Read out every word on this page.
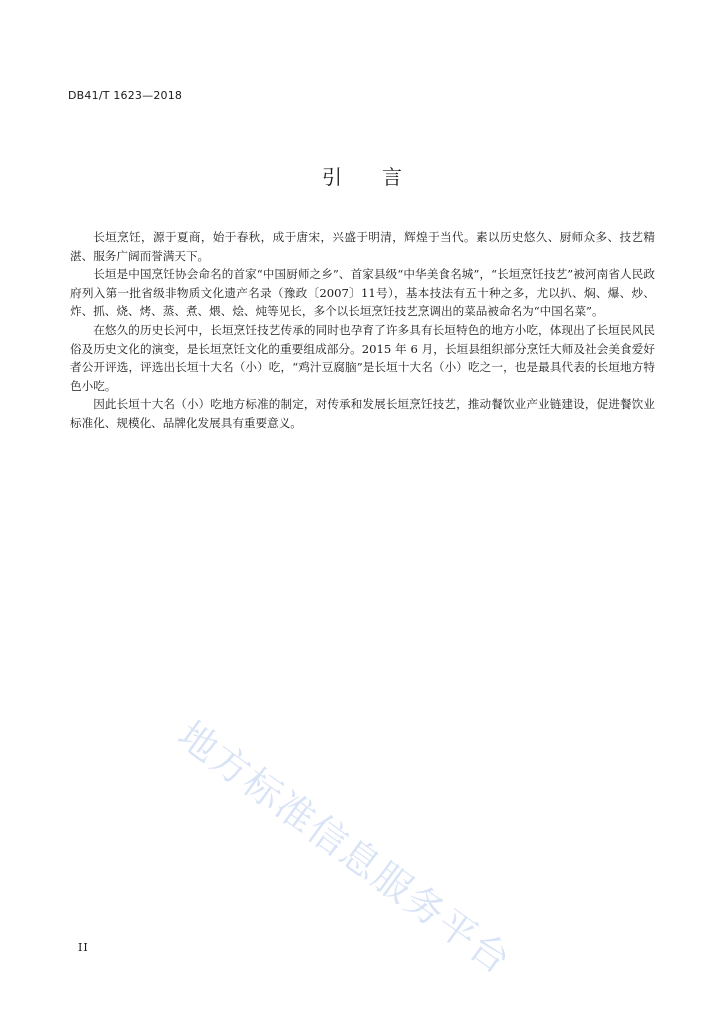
DB41/T 1623—2018
引 言

长垣烹饪，源于夏商，始于春秋，成于唐宋，兴盛于明清，辉煌于当代。素以历史悠久、厨师众多、技艺精湛、服务广阔而誉满天下。

长垣是中国烹饪协会命名的首家“中国厨师之乡”、首家县级“中华美食名城”，“长垣烹饪技艺”被河南省人民政府列入第一批省级非物质文化遗产名录（豫政〔2007〕11号），基本技法有五十种之多，尤以扒、焖、爆、炒、炸、抓、烧、烤、蒸、煮、煨、烩、炖等见长，多个以长垣烹饪技艺烹调出的菜品被命名为“中国名菜”。

在悠久的历史长河中，长垣烹饪技艺传承的同时也孕育了许多具有长垣特色的地方小吃，体现出了长垣民风民俗及历史文化的演变，是长垣烹饪文化的重要组成部分。2015 年 6 月，长垣县组织部分烹饪大师及社会美食爱好者公开评选，评选出长垣十大名（小）吃，“鸡汁豆腐脑”是长垣十大名（小）吃之一，也是最具代表的长垣地方特色小吃。

因此长垣十大名（小）吃地方标准的制定，对传承和发展长垣烹饪技艺，推动餐饮业产业链建设，促进餐饮业标准化、规模化、品牌化发展具有重要意义。

地方标准信息服务平台
II
